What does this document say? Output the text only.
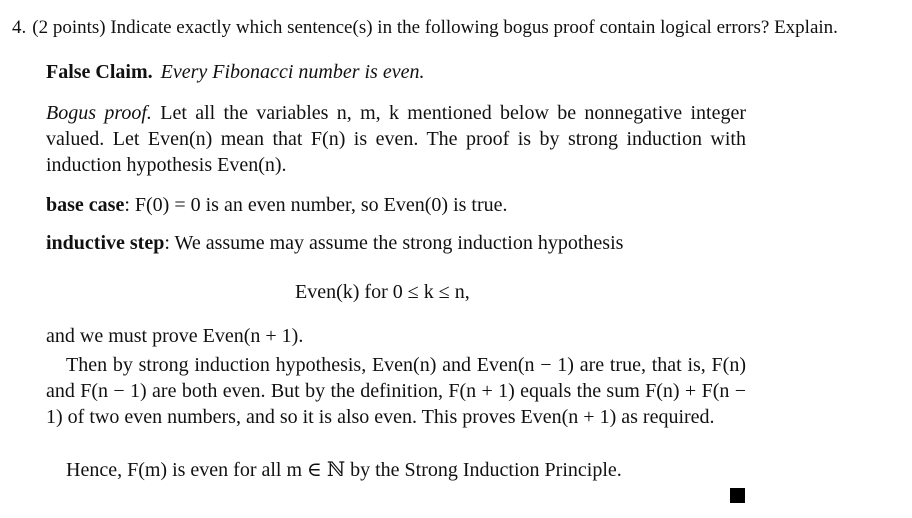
4. (2 points) Indicate exactly which sentence(s) in the following bogus proof contain logical errors? Explain.
False Claim. Every Fibonacci number is even.
Bogus proof. Let all the variables n, m, k mentioned below be nonnegative integer valued. Let Even(n) mean that F(n) is even. The proof is by strong induction with induction hypothesis Even(n).
base case: F(0) = 0 is an even number, so Even(0) is true.
inductive step: We assume may assume the strong induction hypothesis
Even(k) for 0 ≤ k ≤ n,
and we must prove Even(n + 1).
Then by strong induction hypothesis, Even(n) and Even(n − 1) are true, that is, F(n) and F(n − 1) are both even. But by the definition, F(n + 1) equals the sum F(n) + F(n − 1) of two even numbers, and so it is also even. This proves Even(n + 1) as required.
Hence, F(m) is even for all m ∈ ℕ by the Strong Induction Principle.
